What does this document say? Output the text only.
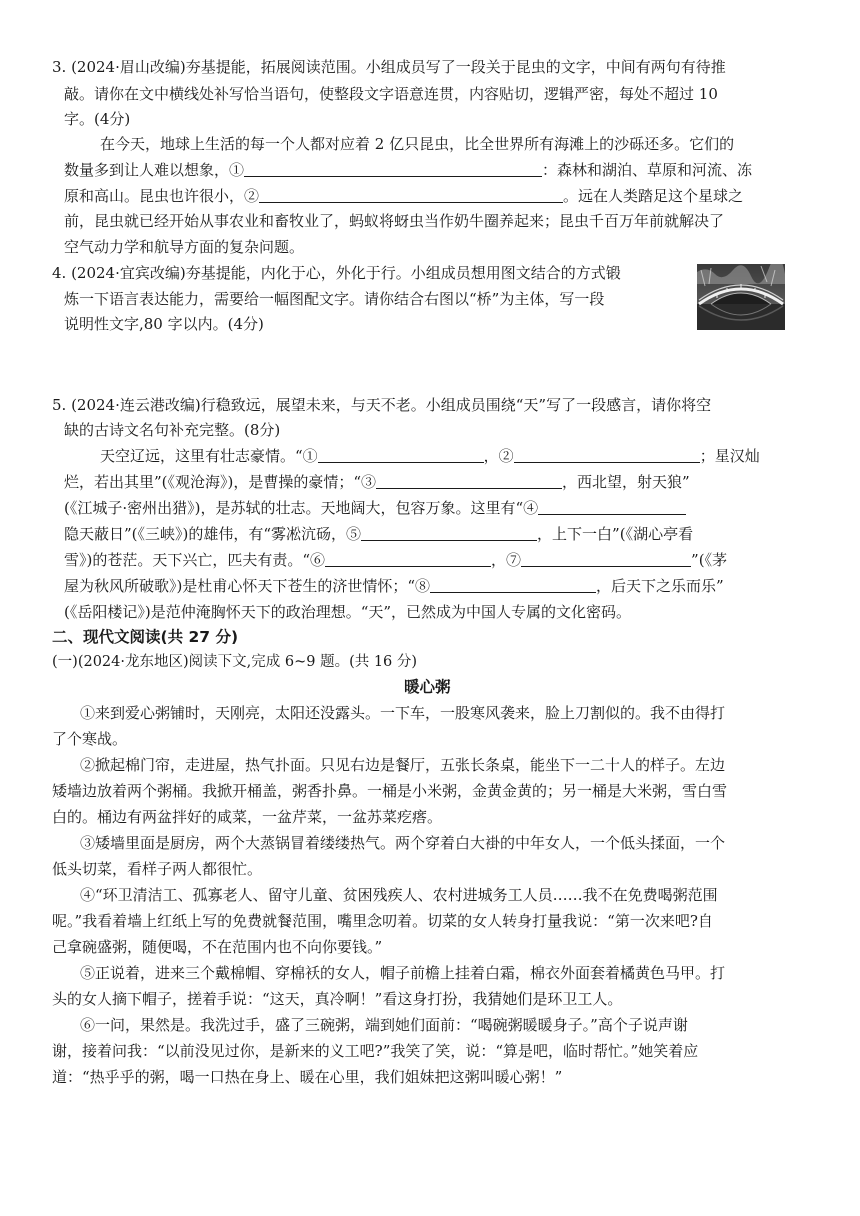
3. (2024·眉山改编)夯基提能，拓展阅读范围。小组成员写了一段关于昆虫的文字，中间有两句有待推
敲。请你在文中横线处补写恰当语句，使整段文字语意连贯，内容贴切，逻辑严密，每处不超过 10
字。(4分)
在今天，地球上生活的每一个人都对应着 2 亿只昆虫，比全世界所有海滩上的沙砾还多。它们的
数量多到让人难以想象，①	：森林和湖泊、草原和河流、冻
原和高山。昆虫也许很小，②	。远在人类踏足这个星球之
前，昆虫就已经开始从事农业和畜牧业了，蚂蚁将蚜虫当作奶牛圈养起来；昆虫千百万年前就解决了
空气动力学和航导方面的复杂问题。
4. (2024·宜宾改编)夯基提能，内化于心，外化于行。小组成员想用图文结合的方式锻
炼一下语言表达能力，需要给一幅图配文字。请你结合右图以“桥”为主体，写一段
说明性文字,80 字以内。(4分)
5. (2024·连云港改编)行稳致远，展望未来，与天不老。小组成员围绕“天”写了一段感言，请你将空
缺的古诗文名句补充完整。(8分)
天空辽远，这里有壮志豪情。“①	，②	；星汉灿
烂，若出其里”(《观沧海》)，是曹操的豪情；“③	，西北望，射天狼”
(《江城子·密州出猎》)，是苏轼的壮志。天地阔大，包容万象。这里有“④
隐天蔽日”(《三峡》)的雄伟，有“雾凇沆砀，⑤	，上下一白”(《湖心亭看
雪》)的苍茫。天下兴亡，匹夫有责。“⑥	，⑦	”(《茅
屋为秋风所破歌》)是杜甫心怀天下苍生的济世情怀；“⑧	，后天下之乐而乐”
(《岳阳楼记》)是范仲淹胸怀天下的政治理想。“天”，已然成为中国人专属的文化密码。
二、现代文阅读(共 27 分)
(一)(2024·龙东地区)阅读下文,完成 6~9 题。(共 16 分)
暖心粥
①来到爱心粥铺时，天刚亮，太阳还没露头。一下车，一股寒风袭来，脸上刀割似的。我不由得打
了个寒战。
②掀起棉门帘，走进屋，热气扑面。只见右边是餐厅，五张长条桌，能坐下一二十人的样子。左边
矮墙边放着两个粥桶。我掀开桶盖，粥香扑鼻。一桶是小米粥，金黄金黄的；另一桶是大米粥，雪白雪
白的。桶边有两盆拌好的咸菜，一盆芹菜，一盆苏菜疙瘩。
③矮墙里面是厨房，两个大蒸锅冒着缕缕热气。两个穿着白大褂的中年女人，一个低头揉面，一个
低头切菜，看样子两人都很忙。
④“环卫清洁工、孤寡老人、留守儿童、贫困残疾人、农村进城务工人员……我不在免费喝粥范围
呢。”我看着墙上红纸上写的免费就餐范围，嘴里念叨着。切菜的女人转身打量我说：“第一次来吧?自
己拿碗盛粥，随便喝，不在范围内也不向你要钱。”
⑤正说着，进来三个戴棉帽、穿棉袄的女人，帽子前檐上挂着白霜，棉衣外面套着橘黄色马甲。打
头的女人摘下帽子，搓着手说：“这天，真冷啊！”看这身打扮，我猜她们是环卫工人。
⑥一问，果然是。我洗过手，盛了三碗粥，端到她们面前：“喝碗粥暖暖身子。”高个子说声谢
谢，接着问我：“以前没见过你，是新来的义工吧?”我笑了笑，说：“算是吧，临时帮忙。”她笑着应
道：“热乎乎的粥，喝一口热在身上、暖在心里，我们姐妹把这粥叫暖心粥！”
